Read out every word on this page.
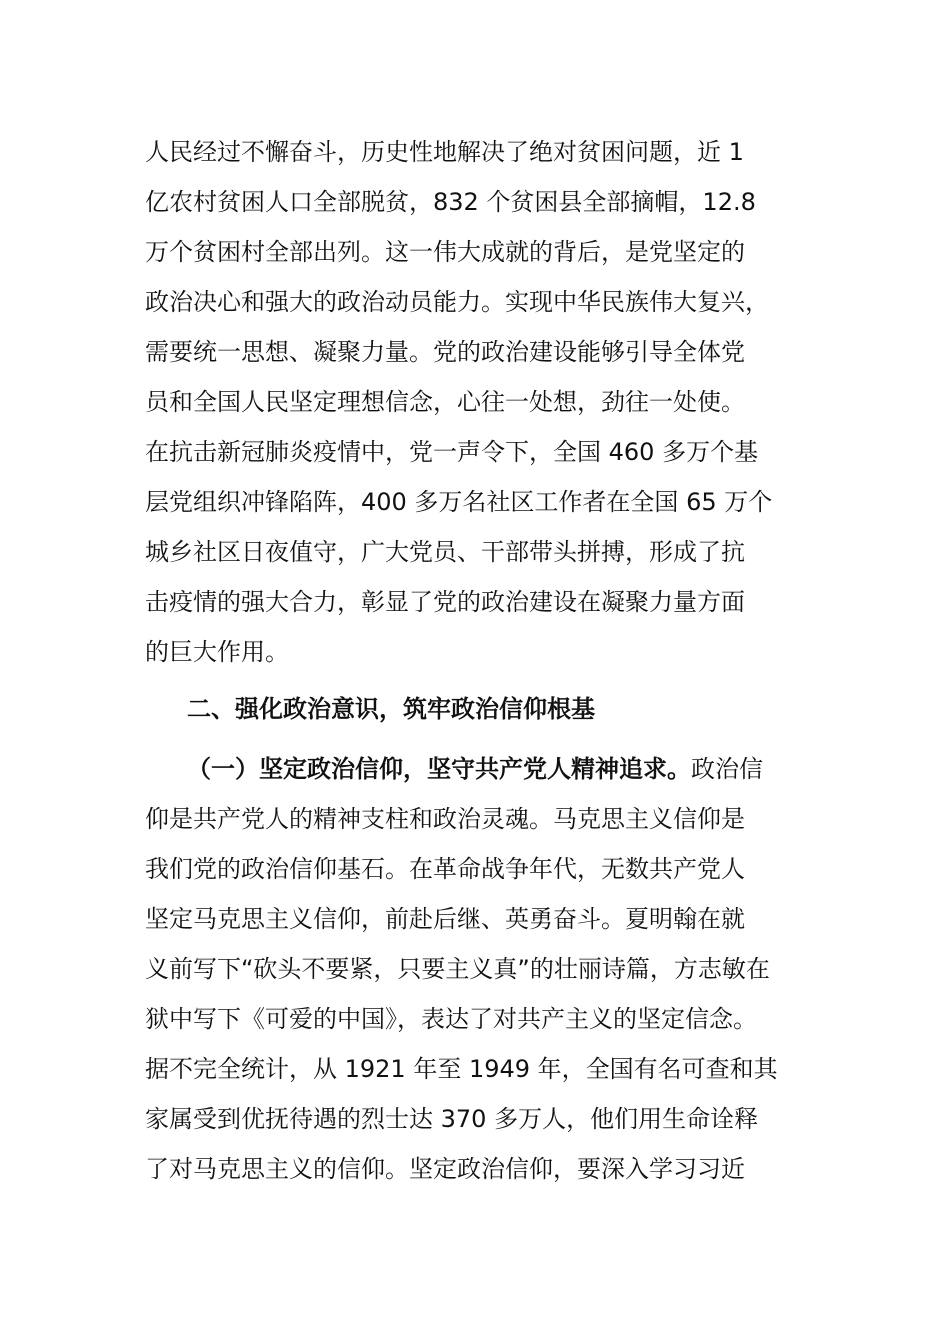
人民经过不懈奋斗，历史性地解决了绝对贫困问题，近 1
亿农村贫困人口全部脱贫，832 个贫困县全部摘帽，12.8
万个贫困村全部出列。这一伟大成就的背后，是党坚定的
政治决心和强大的政治动员能力。实现中华民族伟大复兴，
需要统一思想、凝聚力量。党的政治建设能够引导全体党
员和全国人民坚定理想信念，心往一处想，劲往一处使。
在抗击新冠肺炎疫情中，党一声令下，全国 460 多万个基
层党组织冲锋陷阵，400 多万名社区工作者在全国 65 万个
城乡社区日夜值守，广大党员、干部带头拼搏，形成了抗
击疫情的强大合力，彰显了党的政治建设在凝聚力量方面
的巨大作用。
二、强化政治意识，筑牢政治信仰根基
（一）坚定政治信仰，坚守共产党人精神追求。政治信
仰是共产党人的精神支柱和政治灵魂。马克思主义信仰是
我们党的政治信仰基石。在革命战争年代，无数共产党人
坚定马克思主义信仰，前赴后继、英勇奋斗。夏明翰在就
义前写下“砍头不要紧，只要主义真”的壮丽诗篇，方志敏在
狱中写下《可爱的中国》，表达了对共产主义的坚定信念。
据不完全统计，从 1921 年至 1949 年，全国有名可查和其
家属受到优抚待遇的烈士达 370 多万人，他们用生命诠释
了对马克思主义的信仰。坚定政治信仰，要深入学习习近
